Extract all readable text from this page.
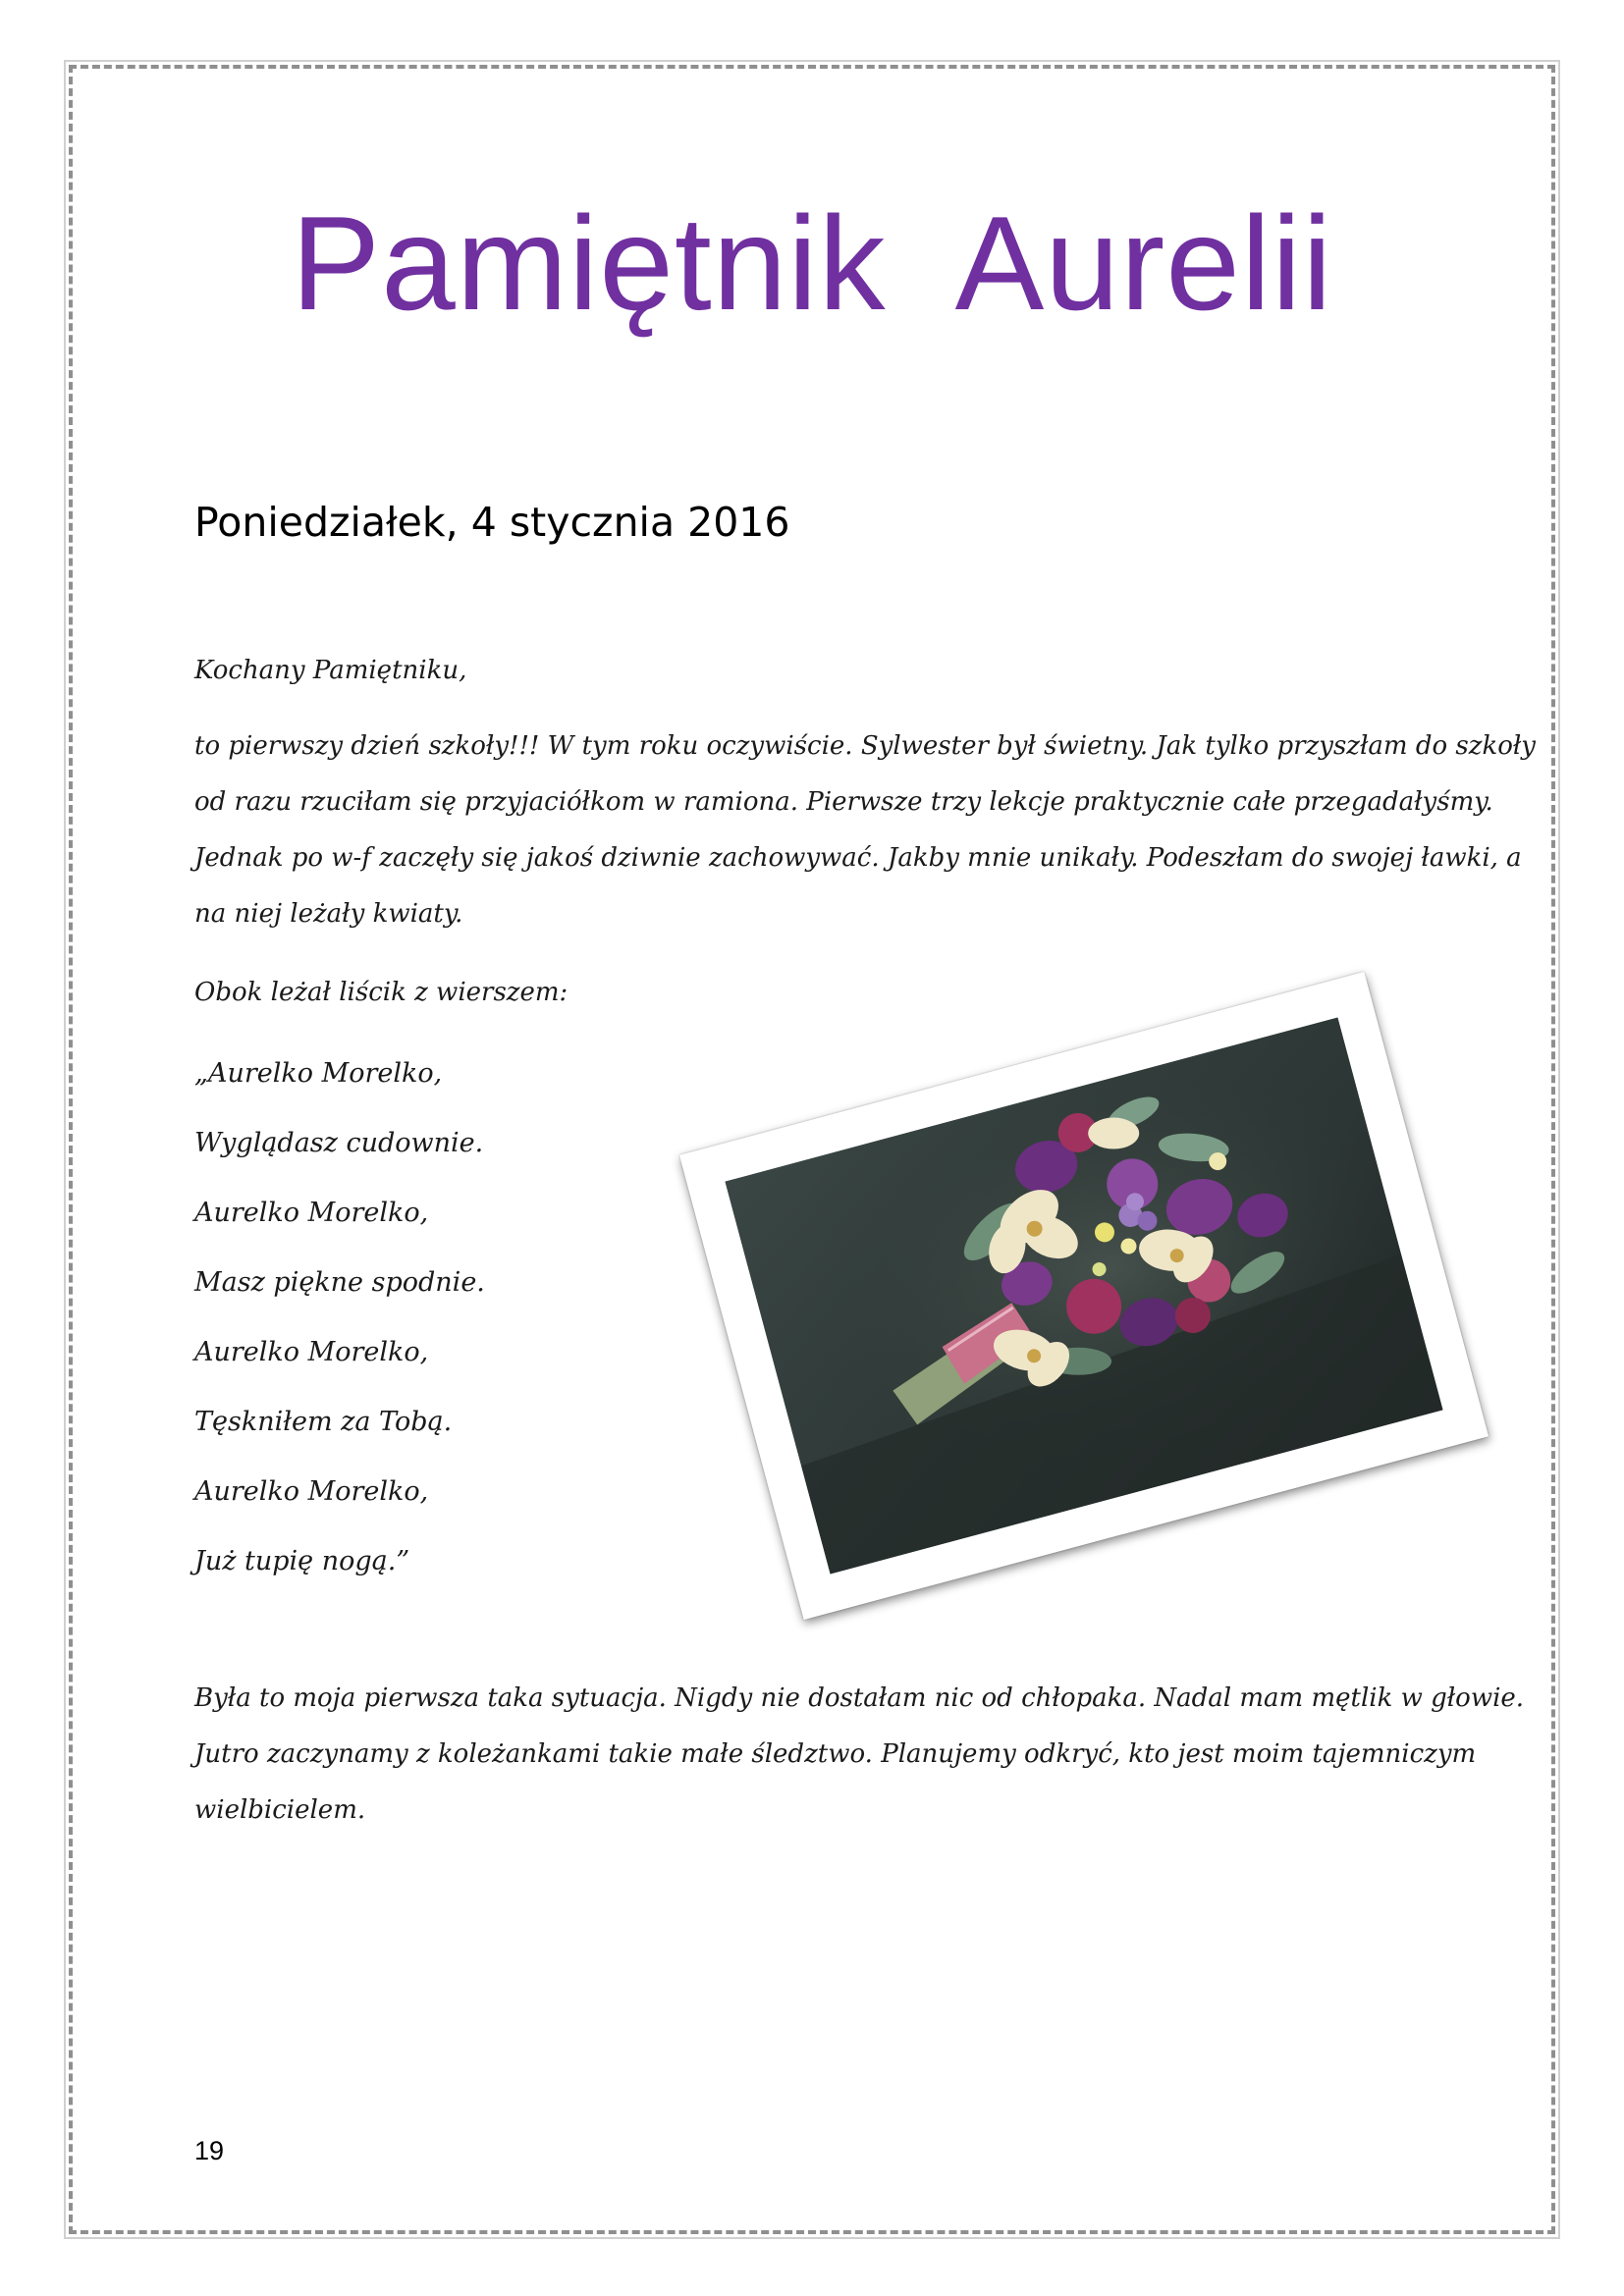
Pamiętnik  Aurelii
Poniedziałek, 4 stycznia 2016

Kochany Pamiętniku,

to pierwszy dzień szkoły!!! W tym roku oczywiście. Sylwester był świetny. Jak tylko przyszłam do szkoły
od razu rzuciłam się przyjaciółkom w ramiona. Pierwsze trzy lekcje praktycznie całe przegadałyśmy.
Jednak po w-f zaczęły się jakoś dziwnie zachowywać. Jakby mnie unikały. Podeszłam do swojej ławki, a
na niej leżały kwiaty.

Obok leżał liścik z wierszem:

„Aurelko Morelko,
Wyglądasz cudownie.
Aurelko Morelko,
Masz piękne spodnie.
Aurelko Morelko,
Tęskniłem za Tobą.
Aurelko Morelko,
Już tupię nogą.”
Była to moja pierwsza taka sytuacja. Nigdy nie dostałam nic od chłopaka. Nadal mam mętlik w głowie.
Jutro zaczynamy z koleżankami takie małe śledztwo. Planujemy odkryć, kto jest moim tajemniczym
wielbicielem.

19
